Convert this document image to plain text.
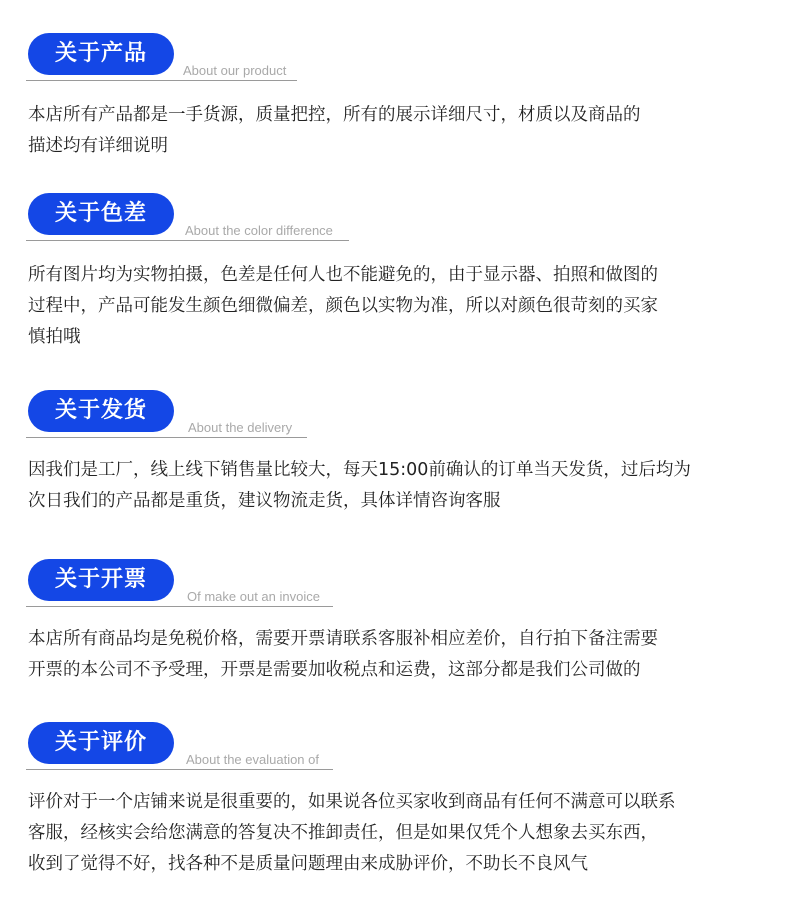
关于产品
About our product

本店所有产品都是一手货源，质量把控，所有的展示详细尺寸，材质以及商品的

描述均有详细说明

关于色差
About the color difference

所有图片均为实物拍摄，色差是任何人也不能避免的，由于显示器、拍照和做图的

过程中，产品可能发生颜色细微偏差，颜色以实物为准，所以对颜色很苛刻的买家

慎拍哦

关于发货
About the delivery

因我们是工厂，线上线下销售量比较大，每天15:00前确认的订单当天发货，过后均为

次日我们的产品都是重货，建议物流走货，具体详情咨询客服

关于开票
Of make out an invoice

本店所有商品均是免税价格，需要开票请联系客服补相应差价，自行拍下备注需要

开票的本公司不予受理，开票是需要加收税点和运费，这部分都是我们公司做的

关于评价
About the evaluation of

评价对于一个店铺来说是很重要的，如果说各位买家收到商品有任何不满意可以联系

客服，经核实会给您满意的答复决不推卸责任，但是如果仅凭个人想象去买东西，

收到了觉得不好，找各种不是质量问题理由来成胁评价，不助长不良风气
